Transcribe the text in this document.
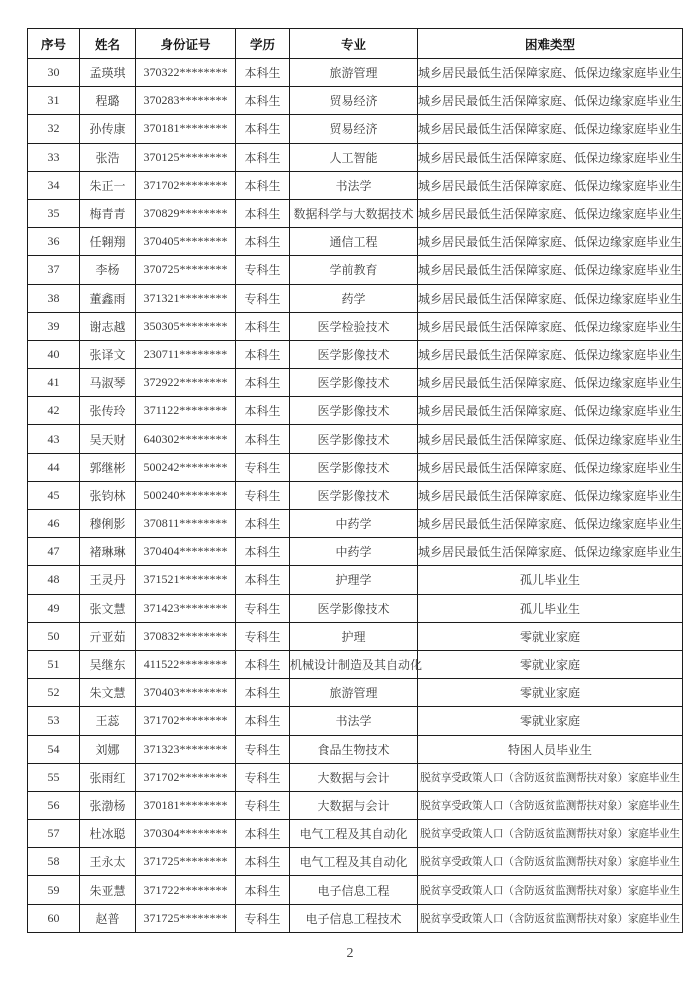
序号	姓名	身份证号	学历	专业	困难类型
30	孟瑛琪	370322********	本科生	旅游管理	城乡居民最低生活保障家庭、低保边缘家庭毕业生
31	程璐	370283********	本科生	贸易经济	城乡居民最低生活保障家庭、低保边缘家庭毕业生
32	孙传康	370181********	本科生	贸易经济	城乡居民最低生活保障家庭、低保边缘家庭毕业生
33	张浩	370125********	本科生	人工智能	城乡居民最低生活保障家庭、低保边缘家庭毕业生
34	朱正一	371702********	本科生	书法学	城乡居民最低生活保障家庭、低保边缘家庭毕业生
35	梅青青	370829********	本科生	数据科学与大数据技术	城乡居民最低生活保障家庭、低保边缘家庭毕业生
36	任翱翔	370405********	本科生	通信工程	城乡居民最低生活保障家庭、低保边缘家庭毕业生
37	李杨	370725********	专科生	学前教育	城乡居民最低生活保障家庭、低保边缘家庭毕业生
38	董鑫雨	371321********	专科生	药学	城乡居民最低生活保障家庭、低保边缘家庭毕业生
39	谢志越	350305********	本科生	医学检验技术	城乡居民最低生活保障家庭、低保边缘家庭毕业生
40	张译文	230711********	本科生	医学影像技术	城乡居民最低生活保障家庭、低保边缘家庭毕业生
41	马淑琴	372922********	本科生	医学影像技术	城乡居民最低生活保障家庭、低保边缘家庭毕业生
42	张传玲	371122********	本科生	医学影像技术	城乡居民最低生活保障家庭、低保边缘家庭毕业生
43	吴天财	640302********	本科生	医学影像技术	城乡居民最低生活保障家庭、低保边缘家庭毕业生
44	郭继彬	500242********	专科生	医学影像技术	城乡居民最低生活保障家庭、低保边缘家庭毕业生
45	张钧林	500240********	专科生	医学影像技术	城乡居民最低生活保障家庭、低保边缘家庭毕业生
46	穆俐影	370811********	本科生	中药学	城乡居民最低生活保障家庭、低保边缘家庭毕业生
47	褚琳琳	370404********	本科生	中药学	城乡居民最低生活保障家庭、低保边缘家庭毕业生
48	王灵丹	371521********	本科生	护理学	孤儿毕业生
49	张文慧	371423********	专科生	医学影像技术	孤儿毕业生
50	亓亚茹	370832********	专科生	护理	零就业家庭
51	吴继东	411522********	本科生	机械设计制造及其自动化	零就业家庭
52	朱文慧	370403********	本科生	旅游管理	零就业家庭
53	王蕊	371702********	本科生	书法学	零就业家庭
54	刘娜	371323********	专科生	食品生物技术	特困人员毕业生
55	张雨红	371702********	专科生	大数据与会计	脱贫享受政策人口（含防返贫监测帮扶对象）家庭毕业生
56	张渤杨	370181********	专科生	大数据与会计	脱贫享受政策人口（含防返贫监测帮扶对象）家庭毕业生
57	杜冰聪	370304********	本科生	电气工程及其自动化	脱贫享受政策人口（含防返贫监测帮扶对象）家庭毕业生
58	王永太	371725********	本科生	电气工程及其自动化	脱贫享受政策人口（含防返贫监测帮扶对象）家庭毕业生
59	朱亚慧	371722********	本科生	电子信息工程	脱贫享受政策人口（含防返贫监测帮扶对象）家庭毕业生
60	赵普	371725********	专科生	电子信息工程技术	脱贫享受政策人口（含防返贫监测帮扶对象）家庭毕业生
2
